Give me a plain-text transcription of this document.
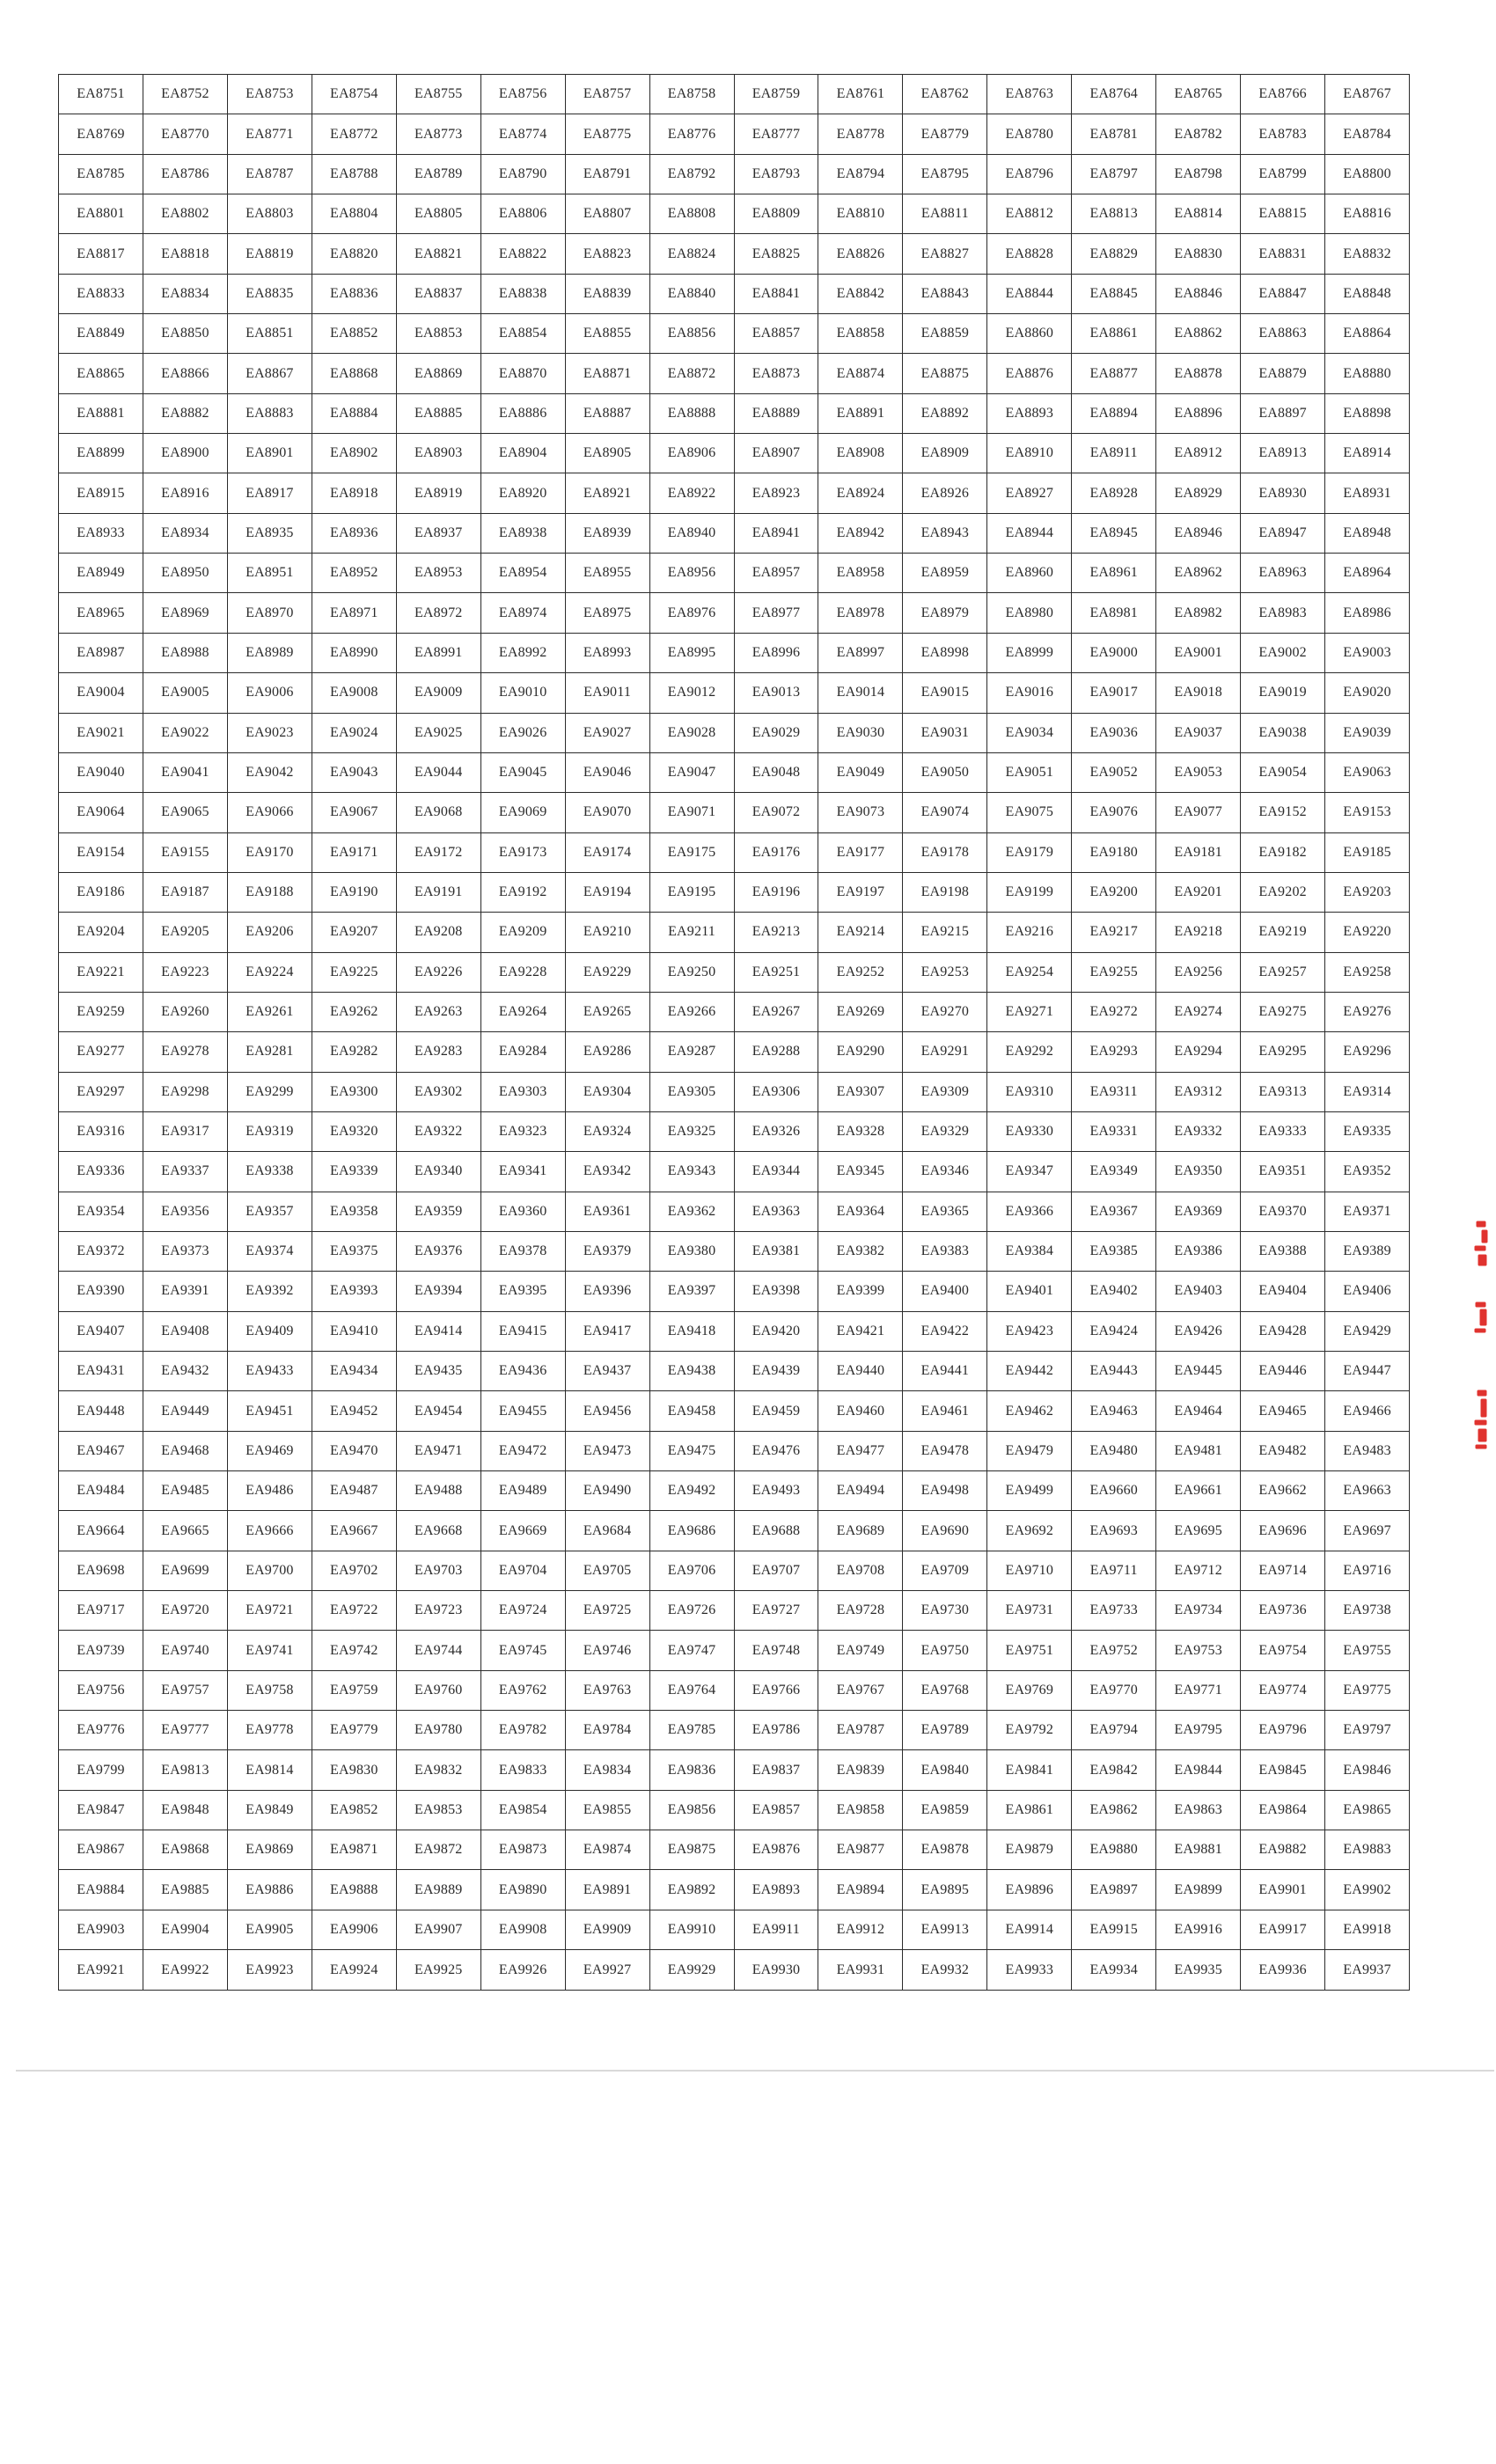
EA8751	EA8752	EA8753	EA8754	EA8755	EA8756	EA8757	EA8758	EA8759	EA8761	EA8762	EA8763	EA8764	EA8765	EA8766	EA8767
EA8769	EA8770	EA8771	EA8772	EA8773	EA8774	EA8775	EA8776	EA8777	EA8778	EA8779	EA8780	EA8781	EA8782	EA8783	EA8784
EA8785	EA8786	EA8787	EA8788	EA8789	EA8790	EA8791	EA8792	EA8793	EA8794	EA8795	EA8796	EA8797	EA8798	EA8799	EA8800
EA8801	EA8802	EA8803	EA8804	EA8805	EA8806	EA8807	EA8808	EA8809	EA8810	EA8811	EA8812	EA8813	EA8814	EA8815	EA8816
EA8817	EA8818	EA8819	EA8820	EA8821	EA8822	EA8823	EA8824	EA8825	EA8826	EA8827	EA8828	EA8829	EA8830	EA8831	EA8832
EA8833	EA8834	EA8835	EA8836	EA8837	EA8838	EA8839	EA8840	EA8841	EA8842	EA8843	EA8844	EA8845	EA8846	EA8847	EA8848
EA8849	EA8850	EA8851	EA8852	EA8853	EA8854	EA8855	EA8856	EA8857	EA8858	EA8859	EA8860	EA8861	EA8862	EA8863	EA8864
EA8865	EA8866	EA8867	EA8868	EA8869	EA8870	EA8871	EA8872	EA8873	EA8874	EA8875	EA8876	EA8877	EA8878	EA8879	EA8880
EA8881	EA8882	EA8883	EA8884	EA8885	EA8886	EA8887	EA8888	EA8889	EA8891	EA8892	EA8893	EA8894	EA8896	EA8897	EA8898
EA8899	EA8900	EA8901	EA8902	EA8903	EA8904	EA8905	EA8906	EA8907	EA8908	EA8909	EA8910	EA8911	EA8912	EA8913	EA8914
EA8915	EA8916	EA8917	EA8918	EA8919	EA8920	EA8921	EA8922	EA8923	EA8924	EA8926	EA8927	EA8928	EA8929	EA8930	EA8931
EA8933	EA8934	EA8935	EA8936	EA8937	EA8938	EA8939	EA8940	EA8941	EA8942	EA8943	EA8944	EA8945	EA8946	EA8947	EA8948
EA8949	EA8950	EA8951	EA8952	EA8953	EA8954	EA8955	EA8956	EA8957	EA8958	EA8959	EA8960	EA8961	EA8962	EA8963	EA8964
EA8965	EA8969	EA8970	EA8971	EA8972	EA8974	EA8975	EA8976	EA8977	EA8978	EA8979	EA8980	EA8981	EA8982	EA8983	EA8986
EA8987	EA8988	EA8989	EA8990	EA8991	EA8992	EA8993	EA8995	EA8996	EA8997	EA8998	EA8999	EA9000	EA9001	EA9002	EA9003
EA9004	EA9005	EA9006	EA9008	EA9009	EA9010	EA9011	EA9012	EA9013	EA9014	EA9015	EA9016	EA9017	EA9018	EA9019	EA9020
EA9021	EA9022	EA9023	EA9024	EA9025	EA9026	EA9027	EA9028	EA9029	EA9030	EA9031	EA9034	EA9036	EA9037	EA9038	EA9039
EA9040	EA9041	EA9042	EA9043	EA9044	EA9045	EA9046	EA9047	EA9048	EA9049	EA9050	EA9051	EA9052	EA9053	EA9054	EA9063
EA9064	EA9065	EA9066	EA9067	EA9068	EA9069	EA9070	EA9071	EA9072	EA9073	EA9074	EA9075	EA9076	EA9077	EA9152	EA9153
EA9154	EA9155	EA9170	EA9171	EA9172	EA9173	EA9174	EA9175	EA9176	EA9177	EA9178	EA9179	EA9180	EA9181	EA9182	EA9185
EA9186	EA9187	EA9188	EA9190	EA9191	EA9192	EA9194	EA9195	EA9196	EA9197	EA9198	EA9199	EA9200	EA9201	EA9202	EA9203
EA9204	EA9205	EA9206	EA9207	EA9208	EA9209	EA9210	EA9211	EA9213	EA9214	EA9215	EA9216	EA9217	EA9218	EA9219	EA9220
EA9221	EA9223	EA9224	EA9225	EA9226	EA9228	EA9229	EA9250	EA9251	EA9252	EA9253	EA9254	EA9255	EA9256	EA9257	EA9258
EA9259	EA9260	EA9261	EA9262	EA9263	EA9264	EA9265	EA9266	EA9267	EA9269	EA9270	EA9271	EA9272	EA9274	EA9275	EA9276
EA9277	EA9278	EA9281	EA9282	EA9283	EA9284	EA9286	EA9287	EA9288	EA9290	EA9291	EA9292	EA9293	EA9294	EA9295	EA9296
EA9297	EA9298	EA9299	EA9300	EA9302	EA9303	EA9304	EA9305	EA9306	EA9307	EA9309	EA9310	EA9311	EA9312	EA9313	EA9314
EA9316	EA9317	EA9319	EA9320	EA9322	EA9323	EA9324	EA9325	EA9326	EA9328	EA9329	EA9330	EA9331	EA9332	EA9333	EA9335
EA9336	EA9337	EA9338	EA9339	EA9340	EA9341	EA9342	EA9343	EA9344	EA9345	EA9346	EA9347	EA9349	EA9350	EA9351	EA9352
EA9354	EA9356	EA9357	EA9358	EA9359	EA9360	EA9361	EA9362	EA9363	EA9364	EA9365	EA9366	EA9367	EA9369	EA9370	EA9371
EA9372	EA9373	EA9374	EA9375	EA9376	EA9378	EA9379	EA9380	EA9381	EA9382	EA9383	EA9384	EA9385	EA9386	EA9388	EA9389
EA9390	EA9391	EA9392	EA9393	EA9394	EA9395	EA9396	EA9397	EA9398	EA9399	EA9400	EA9401	EA9402	EA9403	EA9404	EA9406
EA9407	EA9408	EA9409	EA9410	EA9414	EA9415	EA9417	EA9418	EA9420	EA9421	EA9422	EA9423	EA9424	EA9426	EA9428	EA9429
EA9431	EA9432	EA9433	EA9434	EA9435	EA9436	EA9437	EA9438	EA9439	EA9440	EA9441	EA9442	EA9443	EA9445	EA9446	EA9447
EA9448	EA9449	EA9451	EA9452	EA9454	EA9455	EA9456	EA9458	EA9459	EA9460	EA9461	EA9462	EA9463	EA9464	EA9465	EA9466
EA9467	EA9468	EA9469	EA9470	EA9471	EA9472	EA9473	EA9475	EA9476	EA9477	EA9478	EA9479	EA9480	EA9481	EA9482	EA9483
EA9484	EA9485	EA9486	EA9487	EA9488	EA9489	EA9490	EA9492	EA9493	EA9494	EA9498	EA9499	EA9660	EA9661	EA9662	EA9663
EA9664	EA9665	EA9666	EA9667	EA9668	EA9669	EA9684	EA9686	EA9688	EA9689	EA9690	EA9692	EA9693	EA9695	EA9696	EA9697
EA9698	EA9699	EA9700	EA9702	EA9703	EA9704	EA9705	EA9706	EA9707	EA9708	EA9709	EA9710	EA9711	EA9712	EA9714	EA9716
EA9717	EA9720	EA9721	EA9722	EA9723	EA9724	EA9725	EA9726	EA9727	EA9728	EA9730	EA9731	EA9733	EA9734	EA9736	EA9738
EA9739	EA9740	EA9741	EA9742	EA9744	EA9745	EA9746	EA9747	EA9748	EA9749	EA9750	EA9751	EA9752	EA9753	EA9754	EA9755
EA9756	EA9757	EA9758	EA9759	EA9760	EA9762	EA9763	EA9764	EA9766	EA9767	EA9768	EA9769	EA9770	EA9771	EA9774	EA9775
EA9776	EA9777	EA9778	EA9779	EA9780	EA9782	EA9784	EA9785	EA9786	EA9787	EA9789	EA9792	EA9794	EA9795	EA9796	EA9797
EA9799	EA9813	EA9814	EA9830	EA9832	EA9833	EA9834	EA9836	EA9837	EA9839	EA9840	EA9841	EA9842	EA9844	EA9845	EA9846
EA9847	EA9848	EA9849	EA9852	EA9853	EA9854	EA9855	EA9856	EA9857	EA9858	EA9859	EA9861	EA9862	EA9863	EA9864	EA9865
EA9867	EA9868	EA9869	EA9871	EA9872	EA9873	EA9874	EA9875	EA9876	EA9877	EA9878	EA9879	EA9880	EA9881	EA9882	EA9883
EA9884	EA9885	EA9886	EA9888	EA9889	EA9890	EA9891	EA9892	EA9893	EA9894	EA9895	EA9896	EA9897	EA9899	EA9901	EA9902
EA9903	EA9904	EA9905	EA9906	EA9907	EA9908	EA9909	EA9910	EA9911	EA9912	EA9913	EA9914	EA9915	EA9916	EA9917	EA9918
EA9921	EA9922	EA9923	EA9924	EA9925	EA9926	EA9927	EA9929	EA9930	EA9931	EA9932	EA9933	EA9934	EA9935	EA9936	EA9937
